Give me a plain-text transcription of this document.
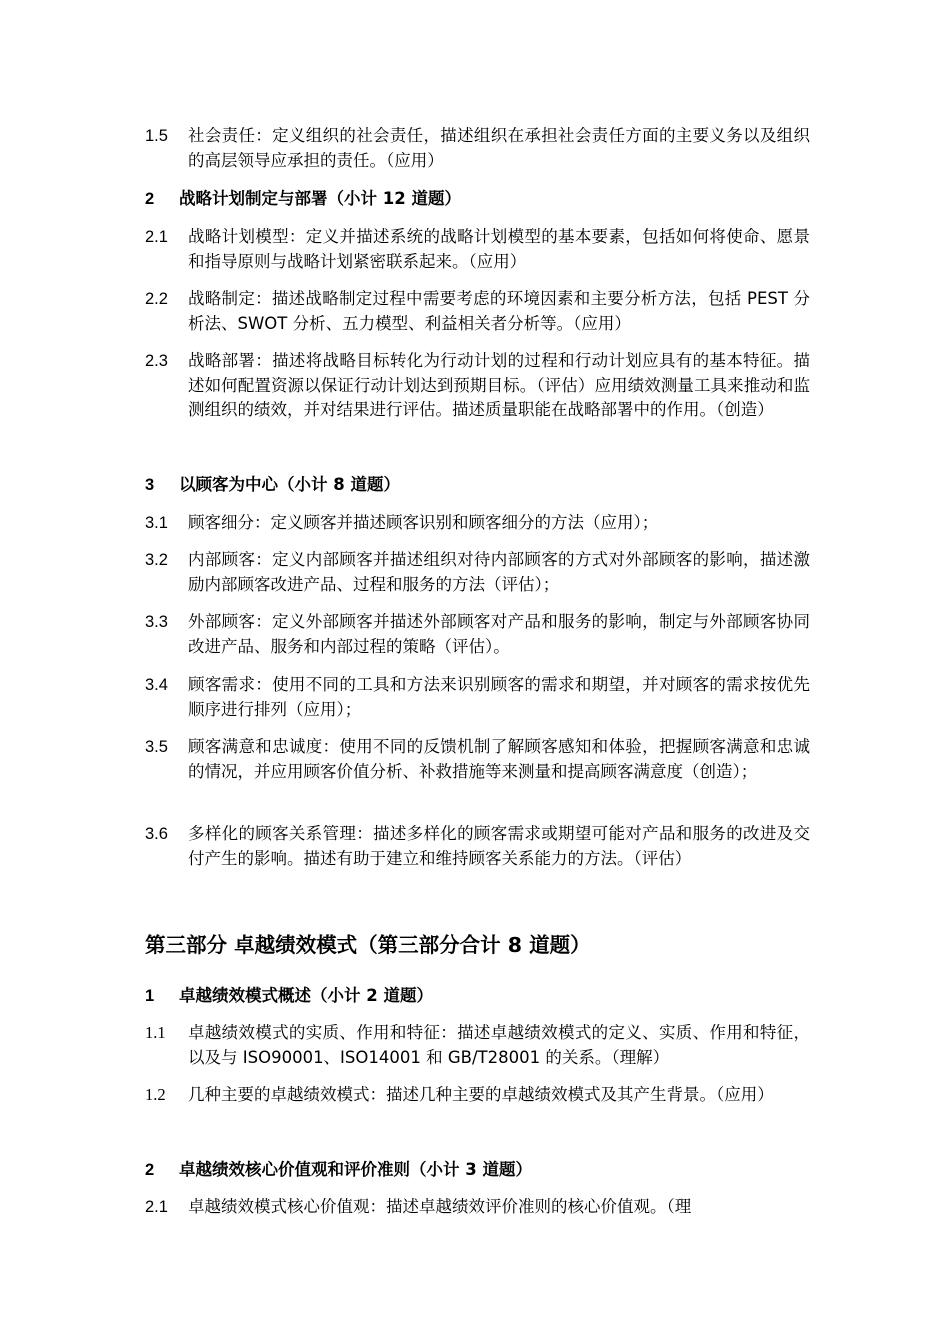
1.5 社会责任：定义组织的社会责任，描述组织在承担社会责任方面的主要义务以及组织的高层领导应承担的责任。（应用）
2 战略计划制定与部署（小计 12 道题）
2.1 战略计划模型：定义并描述系统的战略计划模型的基本要素，包括如何将使命、愿景和指导原则与战略计划紧密联系起来。（应用）
2.2 战略制定：描述战略制定过程中需要考虑的环境因素和主要分析方法，包括 PEST 分析法、SWOT 分析、五力模型、利益相关者分析等。（应用）
2.3 战略部署：描述将战略目标转化为行动计划的过程和行动计划应具有的基本特征。描述如何配置资源以保证行动计划达到预期目标。（评估）应用绩效测量工具来推动和监测组织的绩效，并对结果进行评估。描述质量职能在战略部署中的作用。（创造）
3 以顾客为中心（小计 8 道题）
3.1 顾客细分：定义顾客并描述顾客识别和顾客细分的方法（应用）；
3.2 内部顾客：定义内部顾客并描述组织对待内部顾客的方式对外部顾客的影响，描述激励内部顾客改进产品、过程和服务的方法（评估）；
3.3 外部顾客：定义外部顾客并描述外部顾客对产品和服务的影响，制定与外部顾客协同改进产品、服务和内部过程的策略（评估）。
3.4 顾客需求：使用不同的工具和方法来识别顾客的需求和期望，并对顾客的需求按优先顺序进行排列（应用）；
3.5 顾客满意和忠诚度：使用不同的反馈机制了解顾客感知和体验，把握顾客满意和忠诚的情况，并应用顾客价值分析、补救措施等来测量和提高顾客满意度（创造）；
3.6 多样化的顾客关系管理：描述多样化的顾客需求或期望可能对产品和服务的改进及交付产生的影响。描述有助于建立和维持顾客关系能力的方法。（评估）
第三部分 卓越绩效模式（第三部分合计 8 道题）
1 卓越绩效模式概述（小计 2 道题）
1.1 卓越绩效模式的实质、作用和特征：描述卓越绩效模式的定义、实质、作用和特征，以及与 ISO90001、ISO14001 和 GB/T28001 的关系。（理解）
1.2 几种主要的卓越绩效模式：描述几种主要的卓越绩效模式及其产生背景。（应用）
2 卓越绩效核心价值观和评价准则（小计 3 道题）
2.1 卓越绩效模式核心价值观：描述卓越绩效评价准则的核心价值观。（理
